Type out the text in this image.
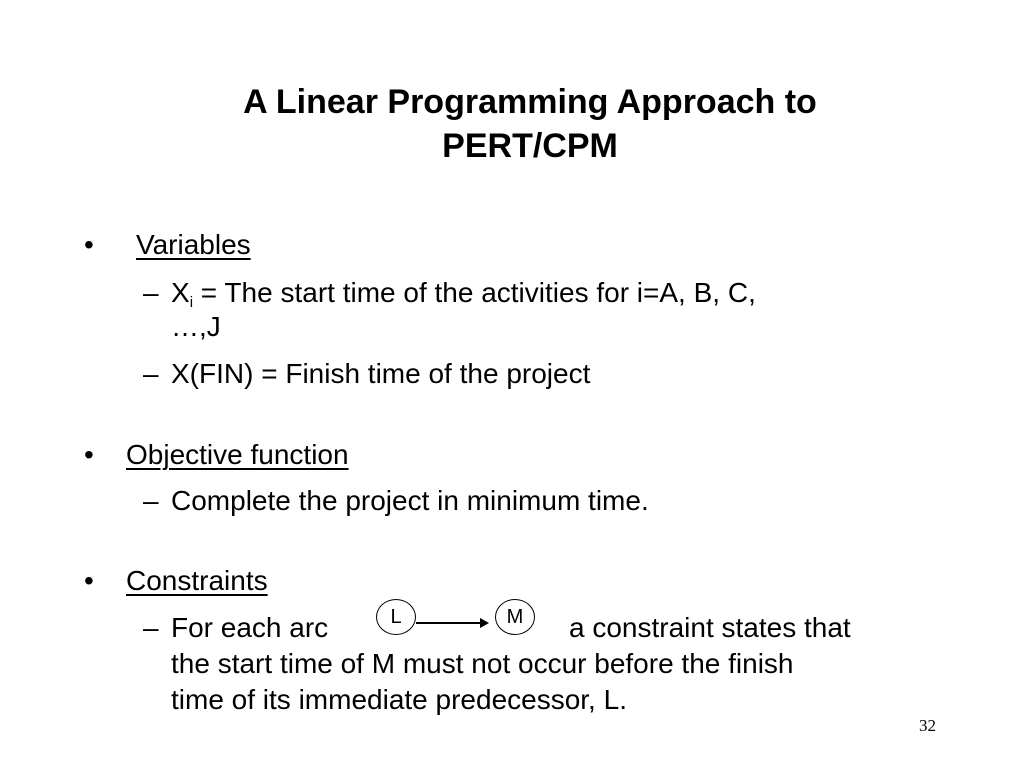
A Linear Programming Approach to
PERT/CPM
• Variables
– $X_i$ = The start time of the activities for i=A, B, C,
…,J
– X(FIN) = Finish time of the project
• Objective function
– Complete the project in minimum time.
• Constraints
– For each arc	L	M	a constraint states that
the start time of M must not occur before the finish
time of its immediate predecessor, L.
32
